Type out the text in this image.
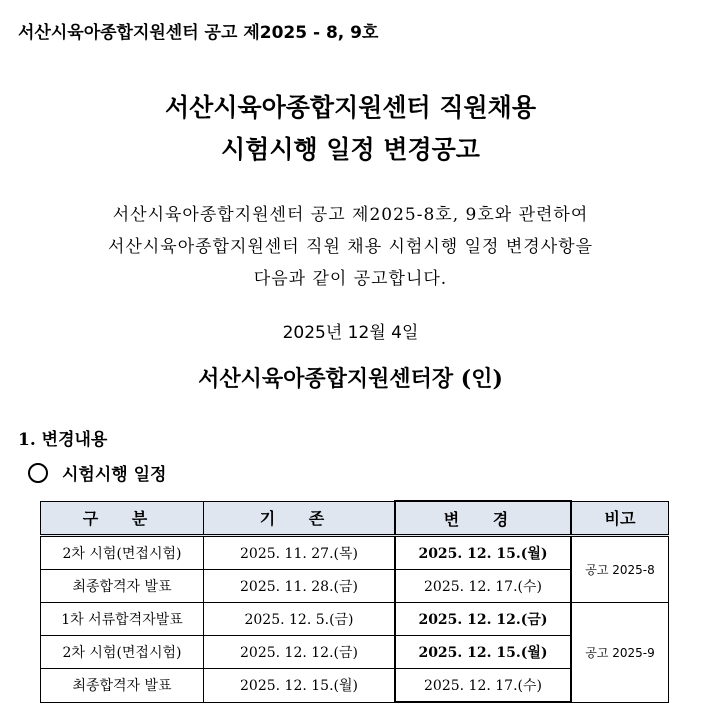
서산시육아종합지원센터 공고 제2025 - 8, 9호
서산시육아종합지원센터 직원채용
시험시행 일정 변경공고
서산시육아종합지원센터 공고 제2025-8호, 9호와 관련하여
서산시육아종합지원센터 직원 채용 시험시행 일정 변경사항을
다음과 같이 공고합니다.
2025년 12월 4일
서산시육아종합지원센터장 (인)
1. 변경내용
시험시행 일정
구 분	기 존	변 경	비고
2차 시험(면접시험)	2025. 11. 27.(목)	2025. 12. 15.(월)	공고 2025-8
최종합격자 발표	2025. 11. 28.(금)	2025. 12. 17.(수)	
1차 서류합격자발표	2025. 12. 5.(금)	2025. 12. 12.(금)	공고 2025-9
2차 시험(면접시험)	2025. 12. 12.(금)	2025. 12. 15.(월)	
최종합격자 발표	2025. 12. 15.(월)	2025. 12. 17.(수)	
